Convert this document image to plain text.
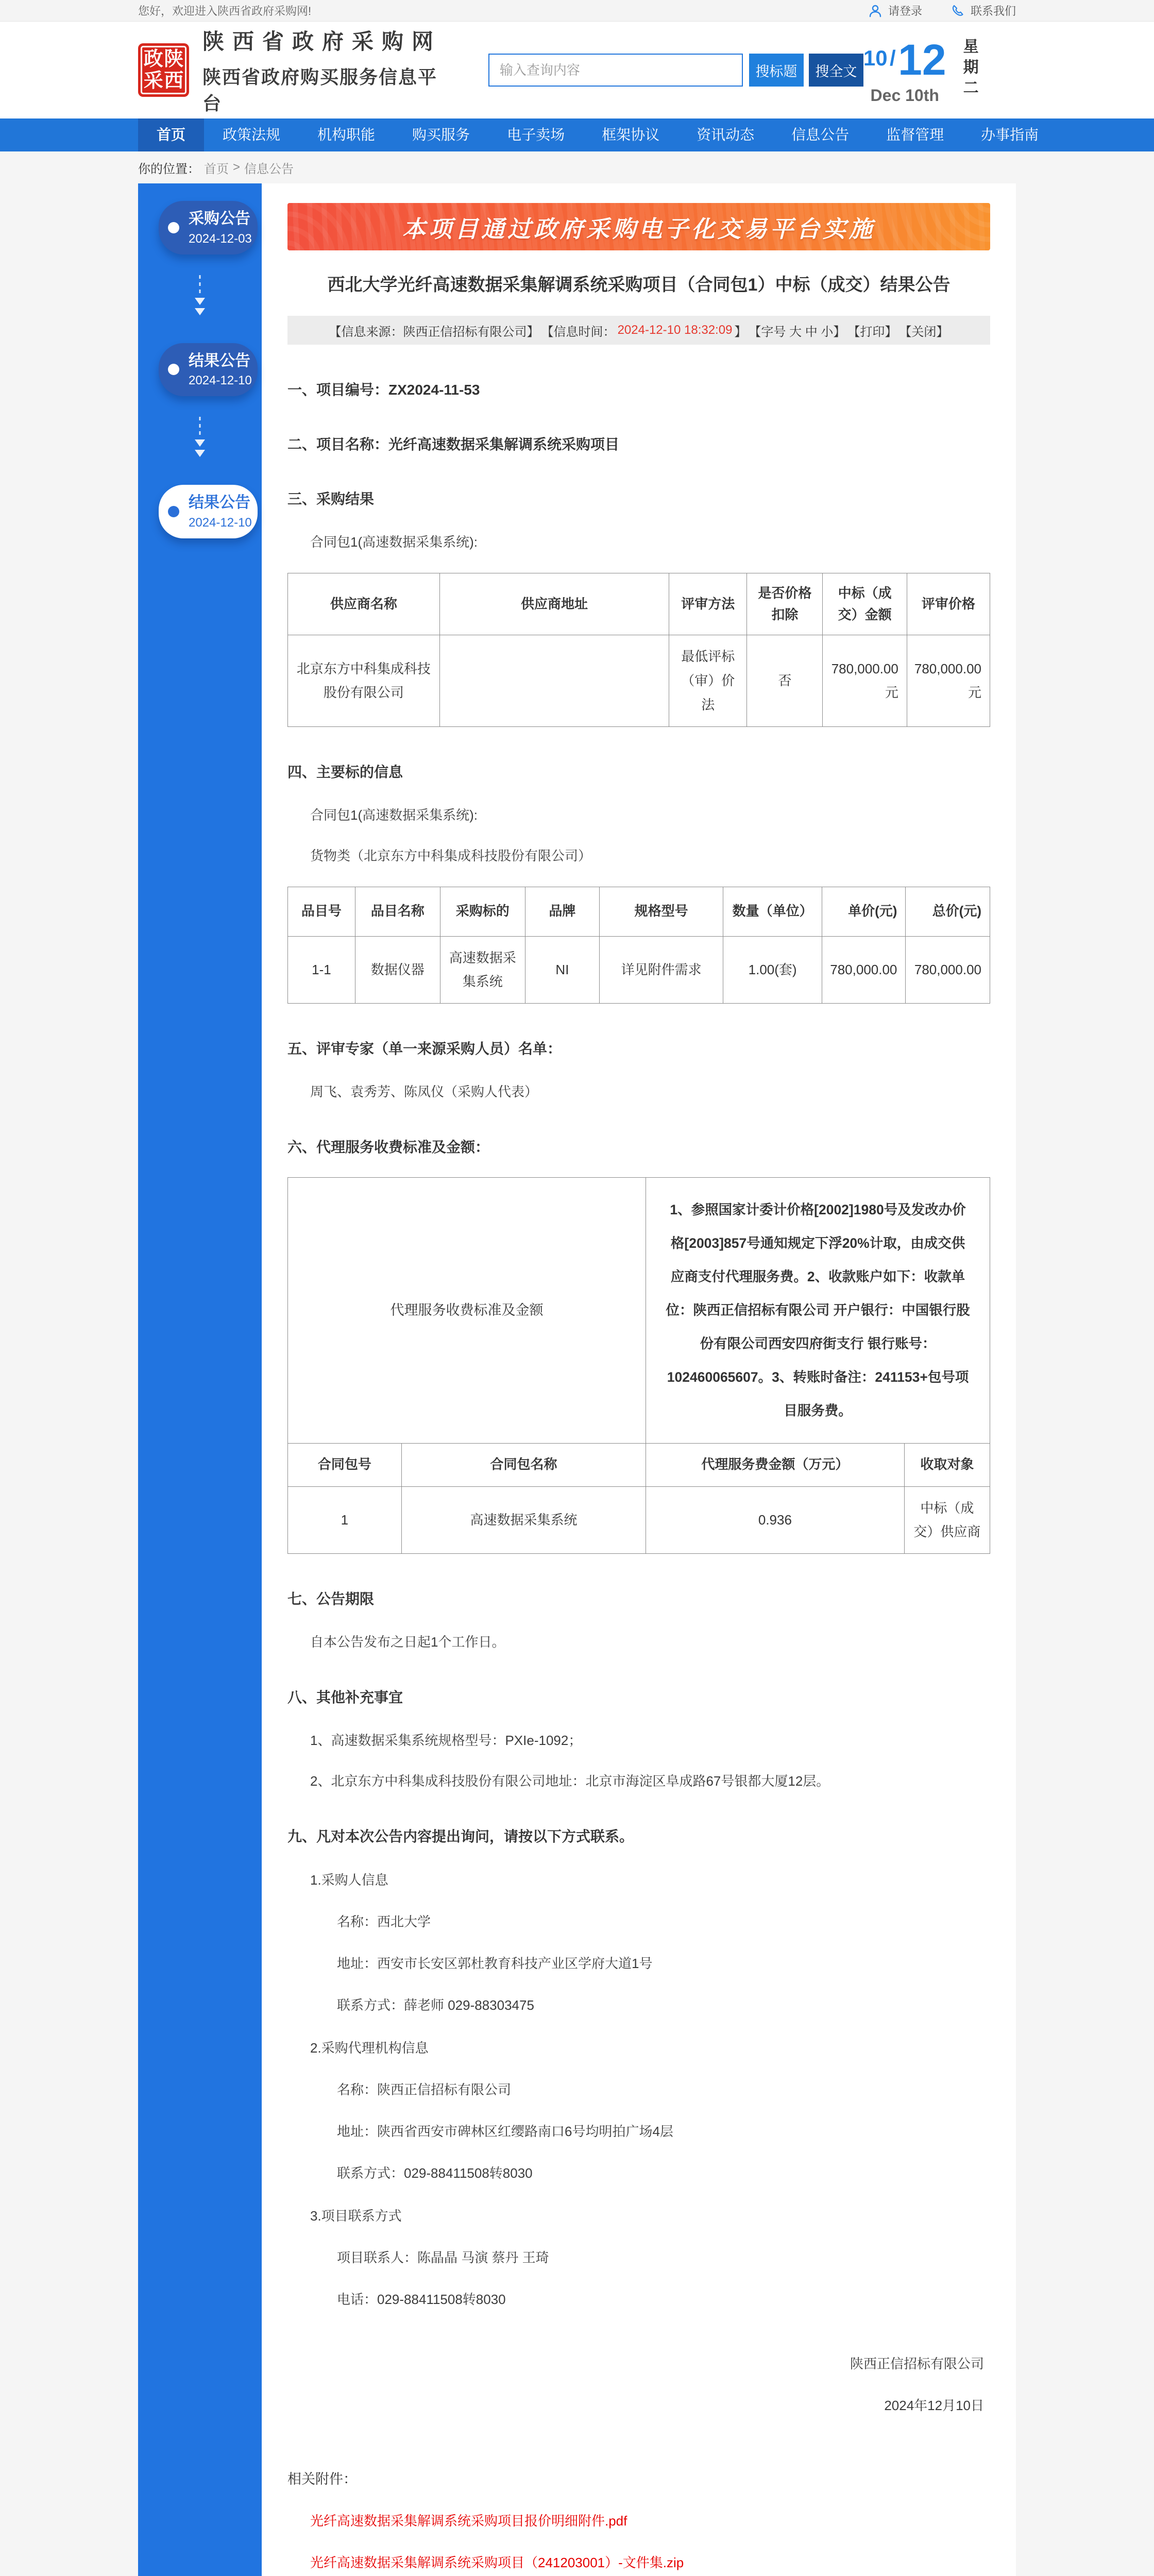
您好，欢迎进入陕西省政府采购网!	请登录	联系我们
政 陕
采 西
陕西省政府采购网
陕西省政府购买服务信息平台
输入查询内容
搜标题	搜全文
10 / 12
Dec 10th	星期二
首页	政策法规	机构职能	购买服务	电子卖场	框架协议	资讯动态	信息公告	监督管理	办事指南
你的位置： 首页 > 信息公告
采购公告
2024-12-03
结果公告
2024-12-10
结果公告
2024-12-10
本项目通过政府采购电子化交易平台实施
西北大学光纤高速数据采集解调系统采购项目（合同包1）中标（成交）结果公告
【信息来源：陕西正信招标有限公司】 【信息时间： 2024-12-10 18:32:09 】 【字号 大 中 小】 【打印】 【关闭】
一、项目编号：ZX2024-11-53
二、项目名称：光纤高速数据采集解调系统采购项目
三、采购结果
合同包1(高速数据采集系统):
供应商名称	供应商地址	评审方法	是否价格扣除	中标（成交）金额	评审价格
北京东方中科集成科技股份有限公司		最低评标（审）价法	否	780,000.00元	780,000.00元
四、主要标的信息
合同包1(高速数据采集系统):
货物类（北京东方中科集成科技股份有限公司）
品目号	品目名称	采购标的	品牌	规格型号	数量（单位）	单价(元)	总价(元)
1-1	数据仪器	高速数据采集系统	NI	详见附件需求	1.00(套)	780,000.00	780,000.00
五、评审专家（单一来源采购人员）名单：
周飞、袁秀芳、陈凤仪（采购人代表）
六、代理服务收费标准及金额：
代理服务收费标准及金额		1、参照国家计委计价格[2002]1980号及发改办价格[2003]857号通知规定下浮20%计取，由成交供应商支付代理服务费。2、收款账户如下：收款单位：陕西正信招标有限公司 开户银行：中国银行股份有限公司西安四府街支行 银行账号：102460065607。3、转账时备注：241153+包号项目服务费。	
合同包号	合同包名称	代理服务费金额（万元）	收取对象
1	高速数据采集系统	0.936	中标（成交）供应商
七、公告期限
自本公告发布之日起1个工作日。
八、其他补充事宜
1、高速数据采集系统规格型号：PXIe-1092；
2、北京东方中科集成科技股份有限公司地址：北京市海淀区阜成路67号银都大厦12层。
九、凡对本次公告内容提出询问，请按以下方式联系。
1.采购人信息
名称：西北大学
地址：西安市长安区郭杜教育科技产业区学府大道1号
联系方式：薛老师 029-88303475
2.采购代理机构信息
名称：陕西正信招标有限公司
地址：陕西省西安市碑林区红缨路南口6号均明拍广场4层
联系方式：029-88411508转8030
3.项目联系方式
项目联系人：陈晶晶 马演 蔡丹 王琦
电话：029-88411508转8030
陕西正信招标有限公司
2024年12月10日
相关附件：
光纤高速数据采集解调系统采购项目报价明细附件.pdf
光纤高速数据采集解调系统采购项目（241203001）-文件集.zip
